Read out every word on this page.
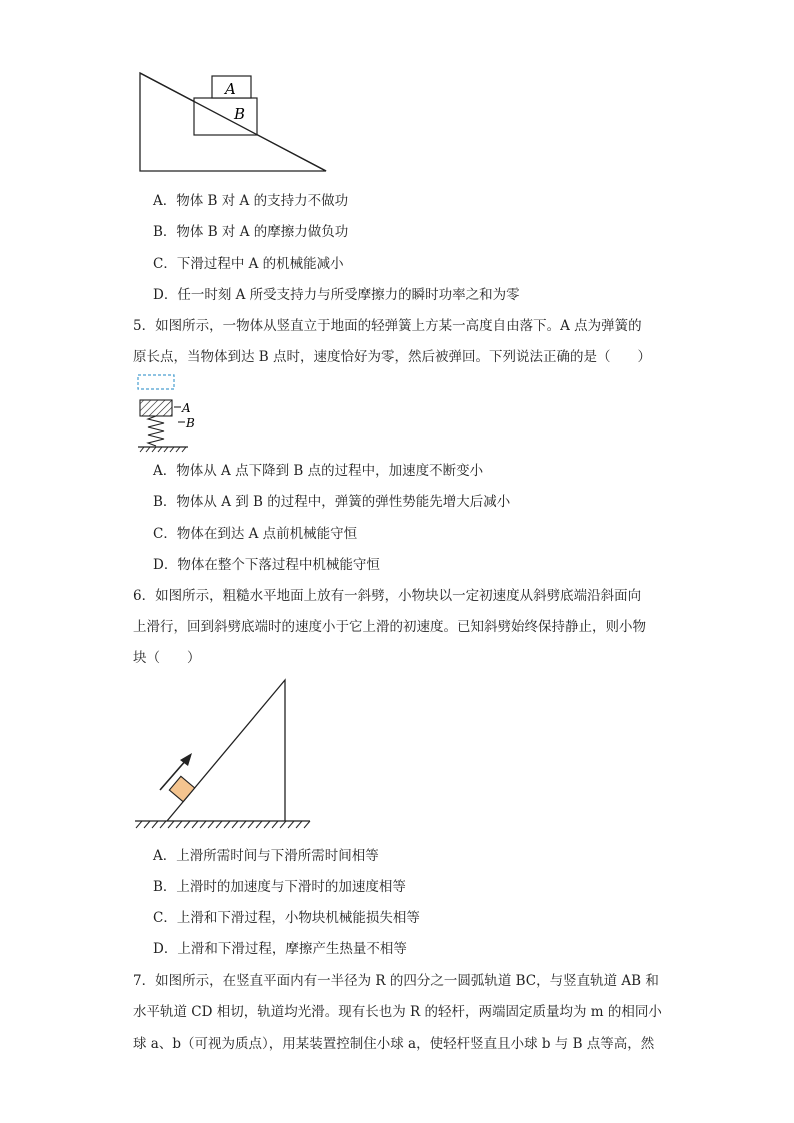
A
B
A．物体 B 对 A 的支持力不做功
B．物体 B 对 A 的摩擦力做负功
C．下滑过程中 A 的机械能减小
D．任一时刻 A 所受支持力与所受摩擦力的瞬时功率之和为零
5．如图所示，一物体从竖直立于地面的轻弹簧上方某一高度自由落下。A 点为弹簧的
原长点，当物体到达 B 点时，速度恰好为零，然后被弹回。下列说法正确的是（　　）
A
B
A．物体从 A 点下降到 B 点的过程中，加速度不断变小
B．物体从 A 到 B 的过程中，弹簧的弹性势能先增大后减小
C．物体在到达 A 点前机械能守恒
D．物体在整个下落过程中机械能守恒
6．如图所示，粗糙水平地面上放有一斜劈，小物块以一定初速度从斜劈底端沿斜面向
上滑行，回到斜劈底端时的速度小于它上滑的初速度。已知斜劈始终保持静止，则小物
块（　　）
A．上滑所需时间与下滑所需时间相等
B．上滑时的加速度与下滑时的加速度相等
C．上滑和下滑过程，小物块机械能损失相等
D．上滑和下滑过程，摩擦产生热量不相等
7．如图所示，在竖直平面内有一半径为 R 的四分之一圆弧轨道 BC，与竖直轨道 AB 和
水平轨道 CD 相切，轨道均光滑。现有长也为 R 的轻杆，两端固定质量均为 m 的相同小
球 a、b（可视为质点），用某装置控制住小球 a，使轻杆竖直且小球 b 与 B 点等高，然
